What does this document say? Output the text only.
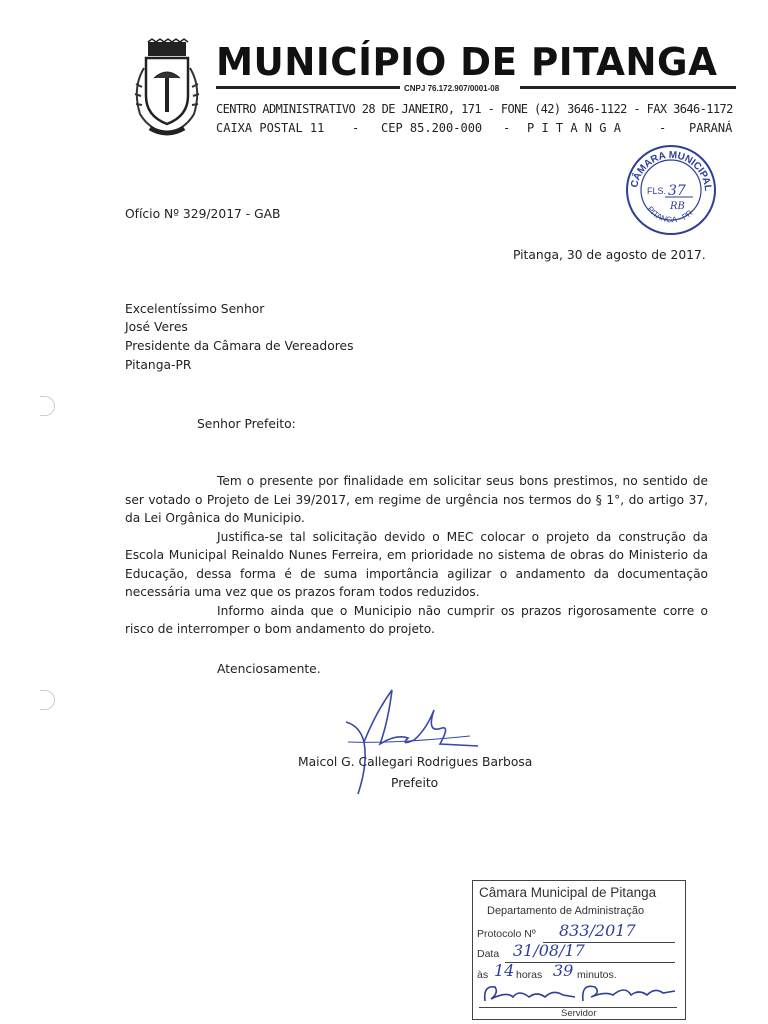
MUNICÍPIO DE PITANGA
CNPJ 76.172.907/0001-08
CENTRO ADMINISTRATIVO 28 DE JANEIRO, 171 - FONE (42) 3646-1122 - FAX 3646-1172
CAIXA POSTAL 11 - CEP 85.200-000 - P I T A N G A	- PARANÁ
CÂMARA MUNICIPAL
PITANGA - PR
FLS. 37
RB
Ofício Nº 329/2017 - GAB
Pitanga, 30 de agosto de 2017.
Excelentíssimo Senhor
José Veres
Presidente da Câmara de Vereadores
Pitanga-PR
Senhor Prefeito:

Tem o presente por finalidade em solicitar seus bons prestimos, no sentido de ser votado o Projeto de Lei 39/2017, em regime de urgência nos termos do § 1°, do artigo 37, da Lei Orgânica do Municipio.

Justifica-se tal solicitação devido o MEC colocar o projeto da construção da Escola Municipal Reinaldo Nunes Ferreira, em prioridade no sistema de obras do Ministerio da Educação, dessa forma é de suma importância agilizar o andamento da documentação necessária uma vez que os prazos foram todos reduzidos.

Informo ainda que o Municipio não cumprir os prazos rigorosamente corre o risco de interromper o bom andamento do projeto.

Atenciosamente.
Maicol G. Callegari Rodrigues Barbosa
Prefeito
Câmara Municipal de Pitanga
Departamento de Administração
Protocolo Nº 833/2017
Data 31/08/17
às 14 horas 39 minutos.
Servidor
